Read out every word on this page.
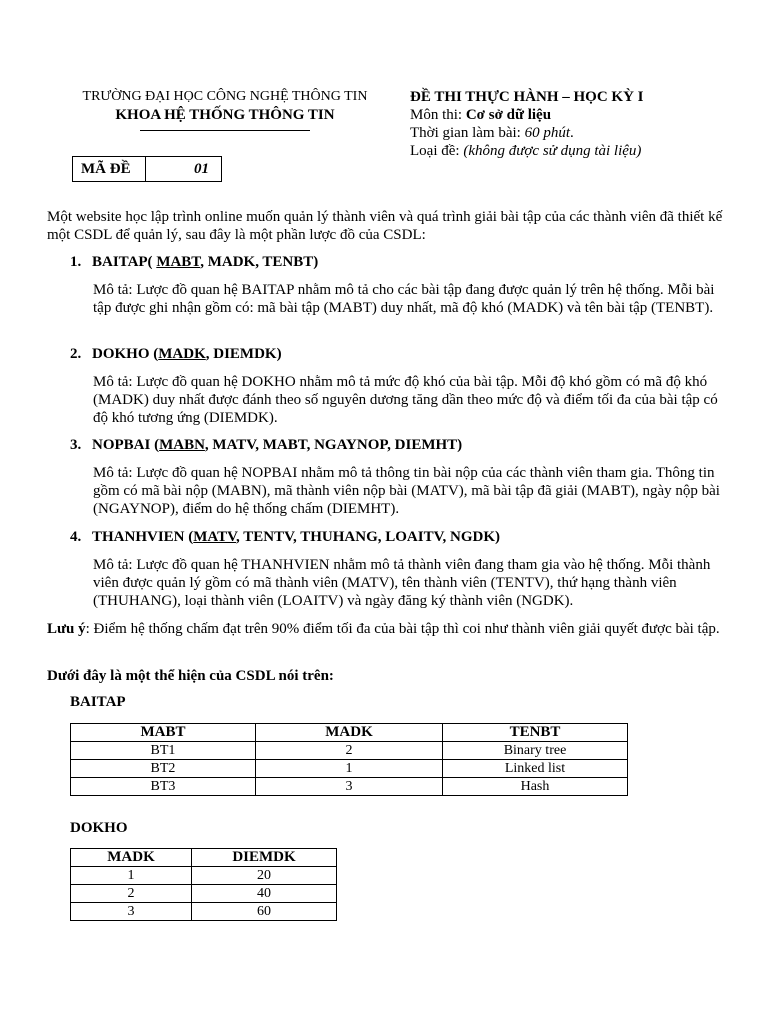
TRƯỜNG ĐẠI HỌC CÔNG NGHỆ THÔNG TIN
KHOA HỆ THỐNG THÔNG TIN
ĐỀ THI THỰC HÀNH – HỌC KỲ I
Môn thi: Cơ sở dữ liệu
Thời gian làm bài: 60 phút.
Loại đề: (không được sử dụng tài liệu)
MÃ ĐỀ	01
Một website học lập trình online muốn quản lý thành viên và quá trình giải bài tập của các thành viên đã thiết kế một CSDL để quản lý, sau đây là một phần lược đồ của CSDL:
1. BAITAP( MABT, MADK, TENBT)
Mô tả: Lược đồ quan hệ BAITAP nhằm mô tả cho các bài tập đang được quản lý trên hệ thống. Mỗi bài tập được ghi nhận gồm có: mã bài tập (MABT) duy nhất, mã độ khó (MADK) và tên bài tập (TENBT).
2. DOKHO (MADK, DIEMDK)
Mô tả: Lược đồ quan hệ DOKHO nhằm mô tả mức độ khó của bài tập. Mỗi độ khó gồm có mã độ khó (MADK) duy nhất được đánh theo số nguyên dương tăng dần theo mức độ và điểm tối đa của bài tập có độ khó tương ứng (DIEMDK).
3. NOPBAI (MABN, MATV, MABT, NGAYNOP, DIEMHT)
Mô tả: Lược đồ quan hệ NOPBAI nhằm mô tả thông tin bài nộp của các thành viên tham gia. Thông tin gồm có mã bài nộp (MABN), mã thành viên nộp bài (MATV), mã bài tập đã giải (MABT), ngày nộp bài (NGAYNOP), điểm do hệ thống chấm (DIEMHT).
4. THANHVIEN (MATV, TENTV, THUHANG, LOAITV, NGDK)
Mô tả: Lược đồ quan hệ THANHVIEN nhằm mô tả thành viên đang tham gia vào hệ thống. Mỗi thành viên được quản lý gồm có mã thành viên (MATV), tên thành viên (TENTV), thứ hạng thành viên (THUHANG), loại thành viên (LOAITV) và ngày đăng ký thành viên (NGDK).
Lưu ý: Điểm hệ thống chấm đạt trên 90% điểm tối đa của bài tập thì coi như thành viên giải quyết được bài tập.
Dưới đây là một thể hiện của CSDL nói trên:
BAITAP
MABT	MADK	TENBT
BT1	2	Binary tree
BT2	1	Linked list
BT3	3	Hash
DOKHO
MADK	DIEMDK
1	20
2	40
3	60
